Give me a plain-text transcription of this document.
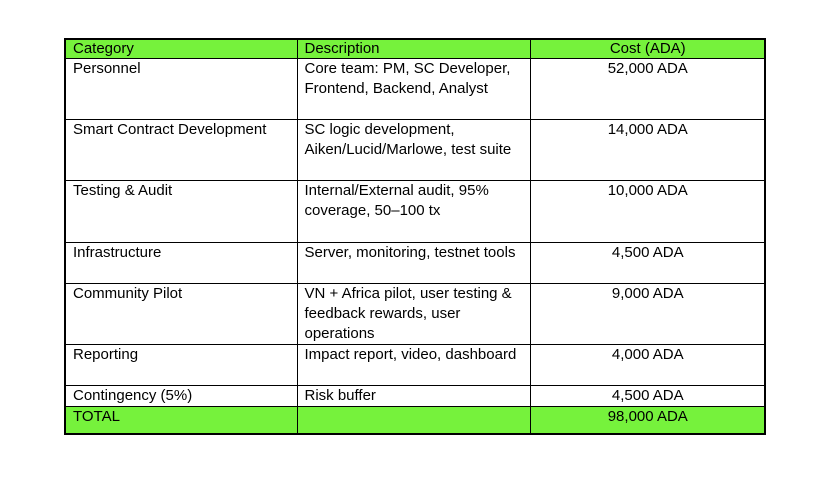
Category	Description	Cost (ADA)
Personnel	Core team: PM, SC Developer, Frontend, Backend, Analyst	52,000 ADA
Smart Contract Development	SC logic development, Aiken/Lucid/Marlowe, test suite	14,000 ADA
Testing & Audit	Internal/External audit, 95% coverage, 50–100 tx	10,000 ADA
Infrastructure	Server, monitoring, testnet tools	4,500 ADA
Community Pilot	VN + Africa pilot, user testing & feedback rewards, user operations	9,000 ADA
Reporting	Impact report, video, dashboard	4,000 ADA
Contingency (5%)	Risk buffer	4,500 ADA
TOTAL		98,000 ADA
